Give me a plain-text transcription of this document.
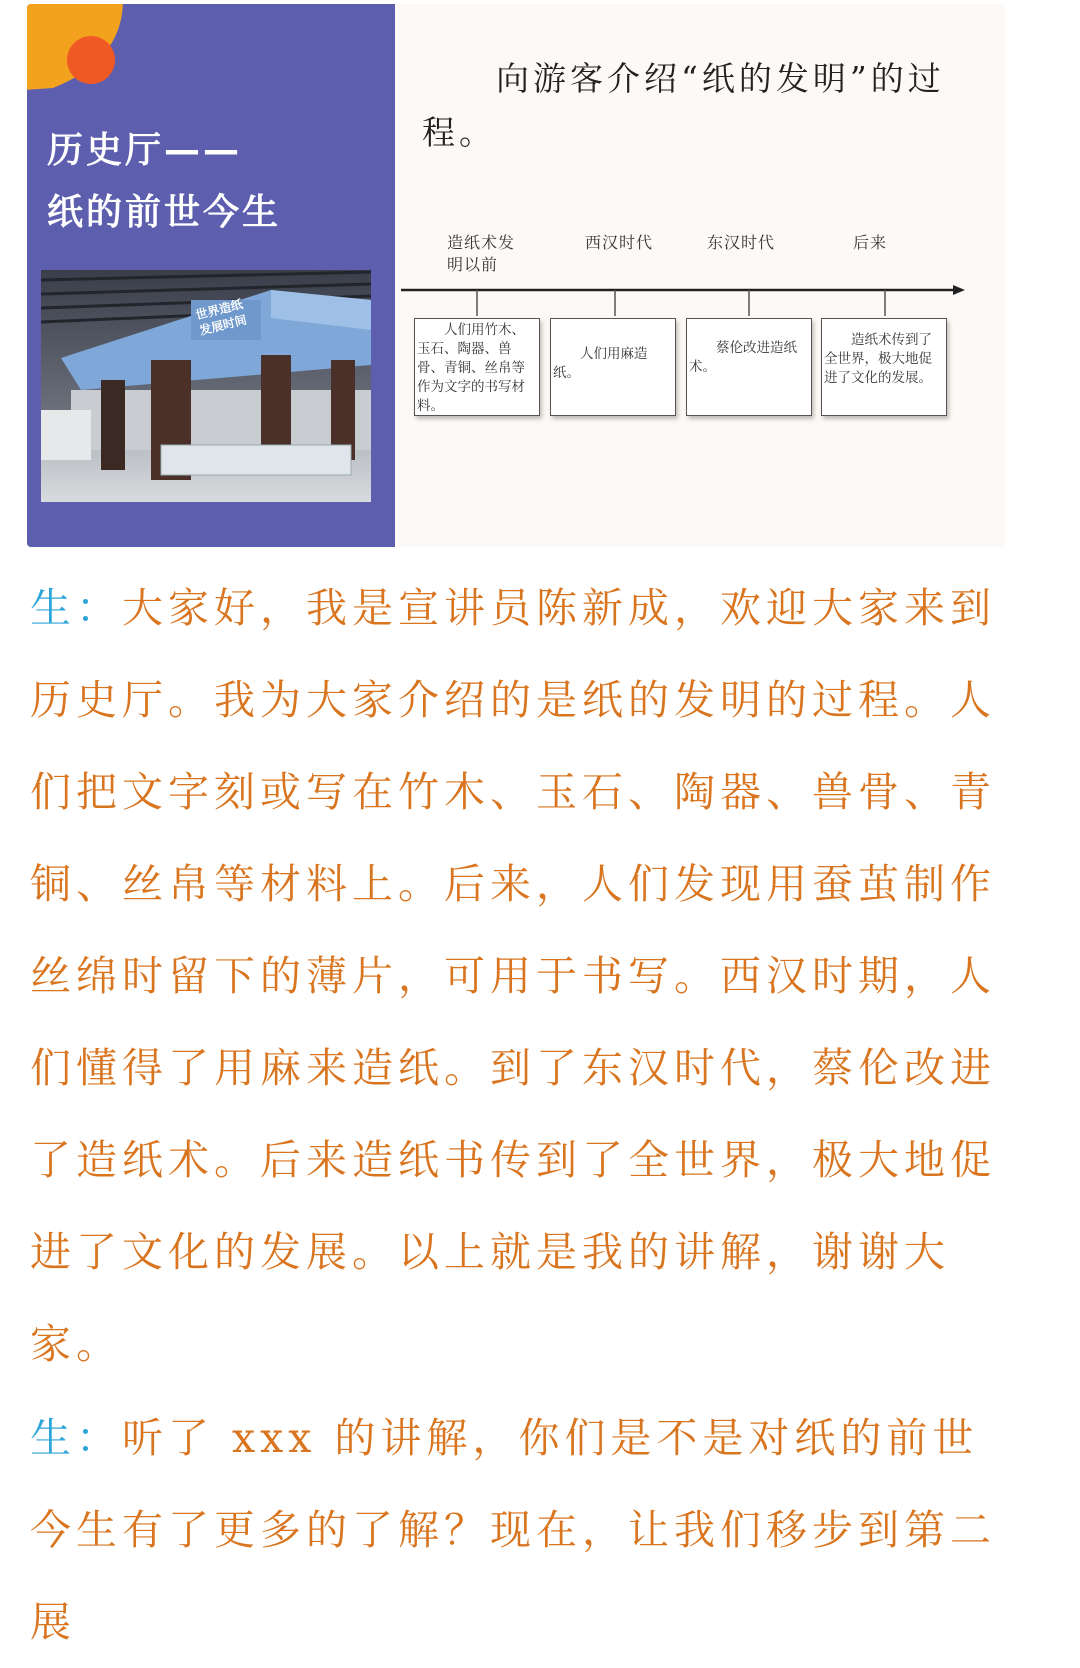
历史厅——
纸的前世今生
世界造纸 发展时间
向游客介绍“纸的发明”的过程。
造纸术发明以前
西汉时代	东汉时代	后来
人们用竹木、玉石、陶器、兽骨、青铜、丝帛等作为文字的书写材料。
人们用麻造纸。
蔡伦改进造纸术。
造纸术传到了全世界，极大地促进了文化的发展。
生：大家好，我是宣讲员陈新成，欢迎大家来到历史厅。我为大家介绍的是纸的发明的过程。人们把文字刻或写在竹木、玉石、陶器、兽骨、青铜、丝帛等材料上。后来，人们发现用蚕茧制作丝绵时留下的薄片，可用于书写。西汉时期，人们懂得了用麻来造纸。到了东汉时代，蔡伦改进了造纸术。后来造纸书传到了全世界，极大地促进了文化的发展。以上就是我的讲解，谢谢大家。
生：听了 xxx 的讲解，你们是不是对纸的前世今生有了更多的了解？现在，让我们移步到第二展
